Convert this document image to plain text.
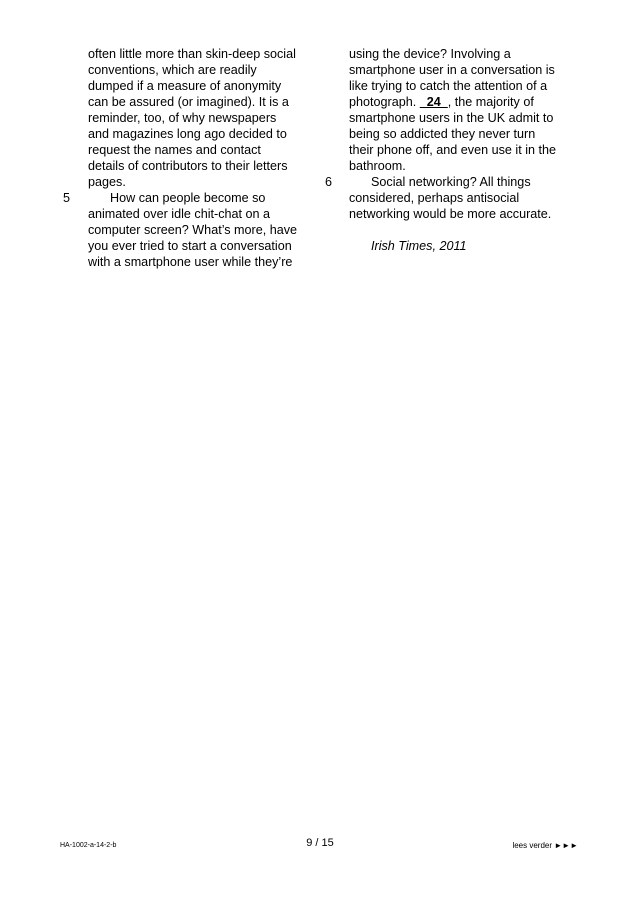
often little more than skin-deep social
conventions, which are readily
dumped if a measure of anonymity
can be assured (or imagined). It is a
reminder, too, of why newspapers
and magazines long ago decided to
request the names and contact
details of contributors to their letters
pages.
5	How can people become so
animated over idle chit-chat on a
computer screen? What’s more, have
you ever tried to start a conversation
with a smartphone user while they’re
using the device? Involving a
smartphone user in a conversation is
like trying to catch the attention of a
photograph.   24  , the majority of
smartphone users in the UK admit to
being so addicted they never turn
their phone off, and even use it in the
bathroom.
6	Social networking? All things
considered, perhaps antisocial
networking would be more accurate.
Irish Times, 2011
HA-1002-a-14-2-b	9 / 15	lees verder ►►►
